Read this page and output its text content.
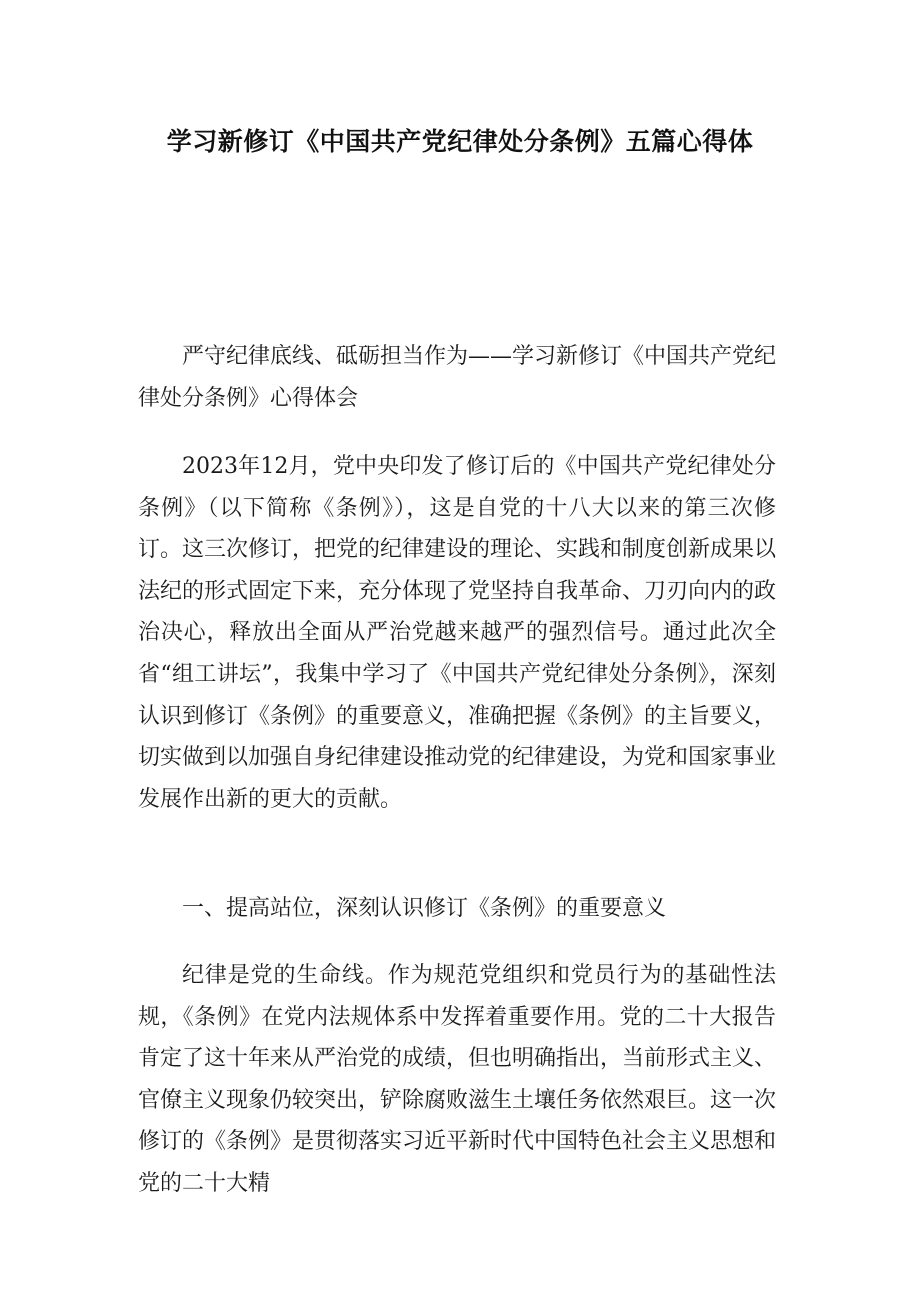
学习新修订《中国共产党纪律处分条例》五篇心得体

严守纪律底线、砥砺担当作为——学习新修订《中国共产党纪律处分条例》心得体会

2023年12月，党中央印发了修订后的《中国共产党纪律处分条例》（以下简称《条例》），这是自党的十八大以来的第三次修订。这三次修订，把党的纪律建设的理论、实践和制度创新成果以法纪的形式固定下来，充分体现了党坚持自我革命、刀刃向内的政治决心，释放出全面从严治党越来越严的强烈信号。通过此次全省“组工讲坛”，我集中学习了《中国共产党纪律处分条例》，深刻认识到修订《条例》的重要意义，准确把握《条例》的主旨要义，切实做到以加强自身纪律建设推动党的纪律建设，为党和国家事业发展作出新的更大的贡献。

一、提高站位，深刻认识修订《条例》的重要意义

纪律是党的生命线。作为规范党组织和党员行为的基础性法规，《条例》在党内法规体系中发挥着重要作用。党的二十大报告肯定了这十年来从严治党的成绩，但也明确指出，当前形式主义、官僚主义现象仍较突出，铲除腐败滋生土壤任务依然艰巨。这一次修订的《条例》是贯彻落实习近平新时代中国特色社会主义思想和党的二十大精
